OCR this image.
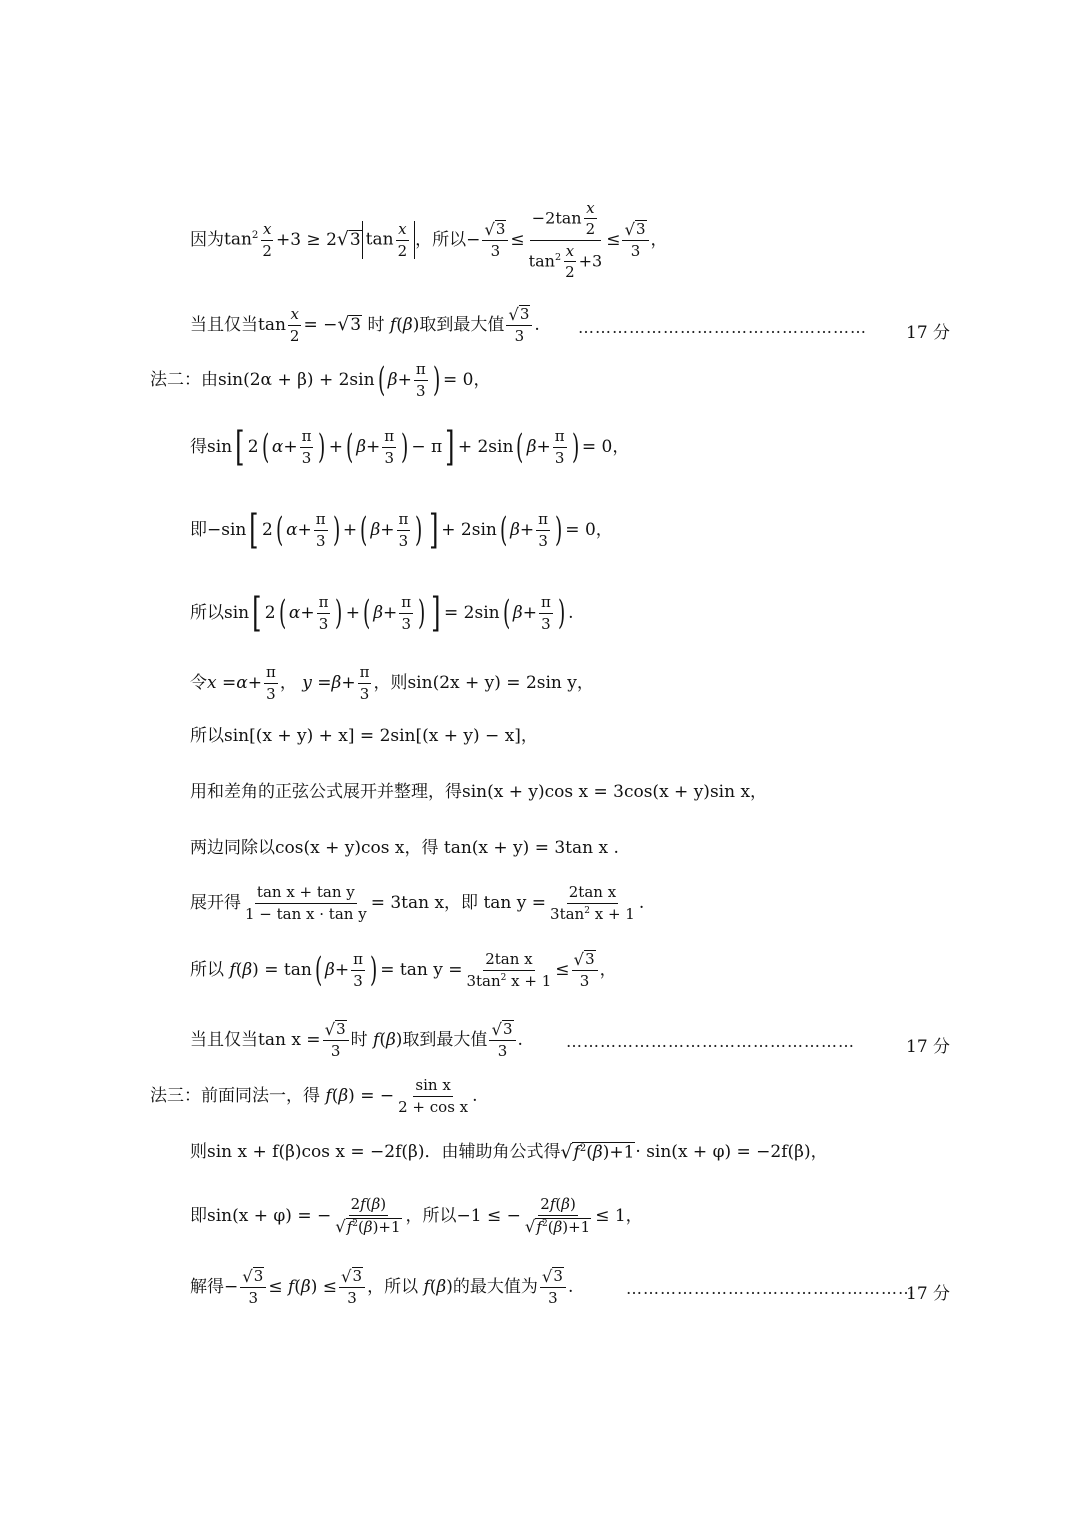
因为 $\tan^2 \frac{x}{2} +3 \ge 2$ √ 3 $\tan \frac{x}{2}$ ， 所以 − $\frac{√ 3}{3} \le \frac{-2\tan \frac{x}{2}}{\tan^2 \frac{x}{2} +3} \le \frac{√ 3}{3}$ ，
当且仅当 $\tan \frac{x}{2}$ = − √ 3
时 f ( β ) 取到最大值 $\frac{√ 3}{3}$ . …………………………………………… 17 分
法二：由 sin(2α + β) + 2sin ( $\beta + \frac{\pi}{3}$ ) = 0，
得 sin [ 2 ( $\alpha + \frac{\pi}{3}$ ) + ( $\beta + \frac{\pi}{3}$ ) − π ] + 2sin ( $\beta + \frac{\pi}{3}$ ) = 0，
即 −sin [ 2 ( $\alpha + \frac{\pi}{3}$ ) + ( $\beta + \frac{\pi}{3}$ ) ] + 2sin ( $\beta + \frac{\pi}{3}$ ) = 0，
所以 sin [ 2 ( $\alpha + \frac{\pi}{3}$ ) + ( $\beta + \frac{\pi}{3}$ ) ] = 2sin ( $\beta + \frac{\pi}{3}$ ) .
令 $x = \alpha + \frac{\pi}{3}$ ， $y = \beta + \frac{\pi}{3}$ ， 则 sin(2x + y) = 2sin y，
所以 sin[(x + y) + x] = 2sin[(x + y) − x]，
用和差角的正弦公式展开并整理，得 sin(x + y)cos x = 3cos(x + y)sin x，
两边同除以 cos(x + y)cos x，得
tan(x + y) = 3tan x .
展开得 $\frac{\text{tan x + tan y}}{\text{1 − tan x · tan y}} = 3\tan$ x，即
$\tan y = \frac{\text{2tan x}}{3\tan^2 x + 1}$ .
所以 f ( β ) = tan ( $\beta + \frac{\pi}{3}$ ) = $\tan y = \frac{\text{2tan x}}{3\tan^2 x + 1} \le \frac{√ 3}{3}$ ，
当且仅当 $\tan x = \frac{√ 3}{3}$ 时 f ( β ) 取到最大值 $\frac{√ 3}{3}$ .	……………………………………………	17 分
法三：前面同法一，得 f ( β ) = − $\frac{\text{sin x}}{\text{2 + cos x}}$ .
则 sin x + f(β)cos x = −2f(β)．由辅助角公式得 √ $f^2(\beta)+1 \cdot \sin(x + \varphi) = -2f(\beta)$，
即 sin(x + φ) = − $\frac{2f(\beta)}{√ f^2(\beta)+1}$ ， 所以 −1 ≤ − $\frac{2f(\beta)}{√ f^2(\beta)+1} \le 1$，
解得 − $\frac{√ 3}{3} \le f$ ( β ) ≤ $\frac{√ 3}{3}$ ， 所以 f ( β ) 的最大值为 $\frac{√ 3}{3}$ .	……………………………………………
17 分
